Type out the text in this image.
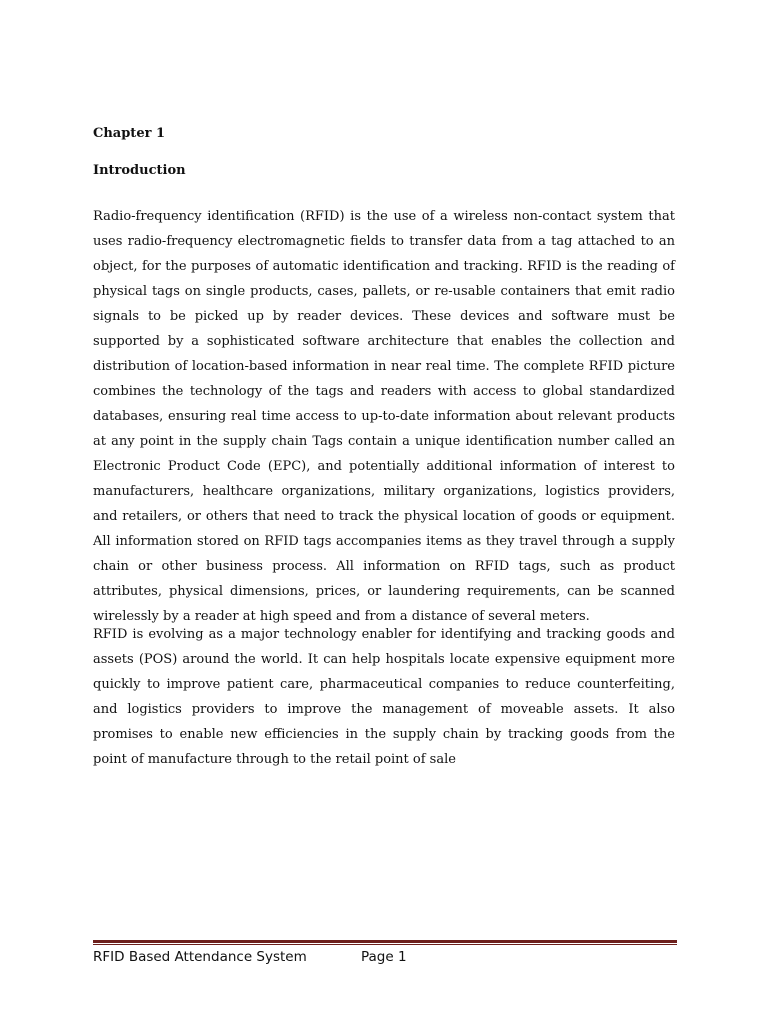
Chapter 1

Introduction

Radio-frequency identification (RFID) is the use of a wireless non-contact system that uses radio-frequency electromagnetic fields to transfer data from a tag attached to an object, for the purposes of automatic identification and tracking. RFID is the reading of physical tags on single products, cases, pallets, or re-usable containers that emit radio signals to be picked up by reader devices. These devices and software must be supported by a sophisticated software architecture that enables the collection and distribution of location-based information in near real time. The complete RFID picture combines the technology of the tags and readers with access to global standardized databases, ensuring real time access to up-to-date information about relevant products at any point in the supply chain Tags contain a unique identification number called an Electronic Product Code (EPC), and potentially additional information of interest to manufacturers, healthcare organizations, military organizations, logistics providers, and retailers, or others that need to track the physical location of goods or equipment. All information stored on RFID tags accompanies items as they travel through a supply chain or other business process. All information on RFID tags, such as product attributes, physical dimensions, prices, or laundering requirements, can be scanned wirelessly by a reader at high speed and from a distance of several meters.

RFID is evolving as a major technology enabler for identifying and tracking goods and assets (POS) around the world. It can help hospitals locate expensive equipment more quickly to improve patient care, pharmaceutical companies to reduce counterfeiting, and logistics providers to improve the management of moveable assets. It also promises to enable new efficiencies in the supply chain by tracking goods from the point of manufacture through to the retail point of sale

RFID Based Attendance System	Page 1
